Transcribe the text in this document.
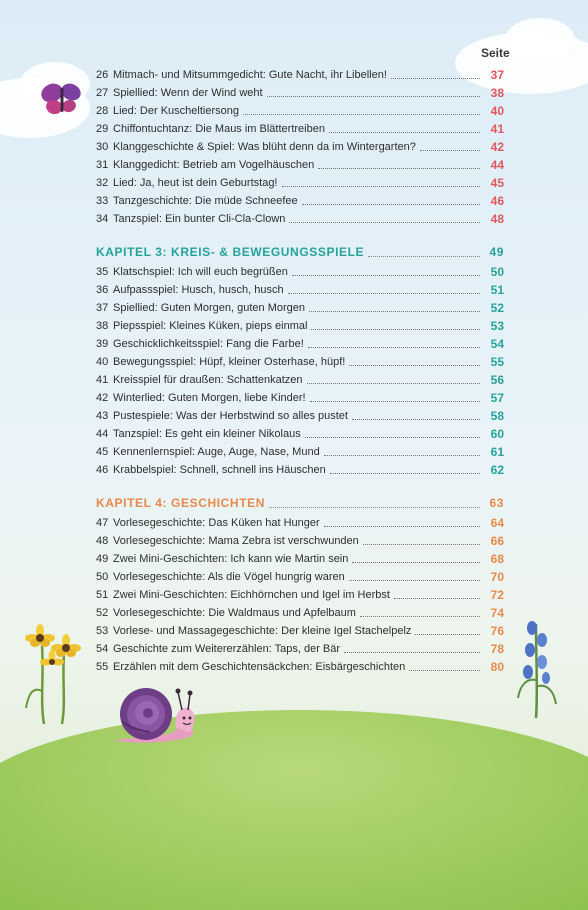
Seite
26 Mitmach- und Mitsummgedicht: Gute Nacht, ihr Libellen!	37
27 Spiellied: Wenn der Wind weht	38
28 Lied: Der Kuscheltiersong	40
29 Chiffontuchtanz: Die Maus im Blättertreiben	41
30 Klanggeschichte & Spiel: Was blüht denn da im Wintergarten?	42
31 Klanggedicht: Betrieb am Vogelhäuschen	44
32 Lied: Ja, heut ist dein Geburtstag!	45
33 Tanzgeschichte: Die müde Schneefee	46
34 Tanzspiel: Ein bunter Cli-Cla-Clown	48
KAPITEL 3: KREIS- & BEWEGUNGSSPIELE	49
35 Klatschspiel: Ich will euch begrüßen	50
36 Aufpassspiel: Husch, husch, husch	51
37 Spiellied: Guten Morgen, guten Morgen	52
38 Piepsspiel: Kleines Küken, pieps einmal	53
39 Geschicklichkeitsspiel: Fang die Farbe!	54
40 Bewegungsspiel: Hüpf, kleiner Osterhase, hüpf!	55
41 Kreisspiel für draußen: Schattenkatzen	56
42 Winterlied: Guten Morgen, liebe Kinder!	57
43 Pustespiele: Was der Herbstwind so alles pustet	58
44 Tanzspiel: Es geht ein kleiner Nikolaus	60
45 Kennenlernspiel: Auge, Auge, Nase, Mund	61
46 Krabbelspiel: Schnell, schnell ins Häuschen	62
KAPITEL 4: GESCHICHTEN	63
47 Vorlesegeschichte: Das Küken hat Hunger	64
48 Vorlesegeschichte: Mama Zebra ist verschwunden	66
49 Zwei Mini-Geschichten: Ich kann wie Martin sein	68
50 Vorlesegeschichte: Als die Vögel hungrig waren	70
51 Zwei Mini-Geschichten: Eichhörnchen und Igel im Herbst	72
52 Vorlesegeschichte: Die Waldmaus und Apfelbaum	74
53 Vorlese- und Massagegeschichte: Der kleine Igel Stachelpelz	76
54 Geschichte zum Weitererzählen: Taps, der Bär	78
55 Erzählen mit dem Geschichtensäckchen: Eisbärgeschichten	80
